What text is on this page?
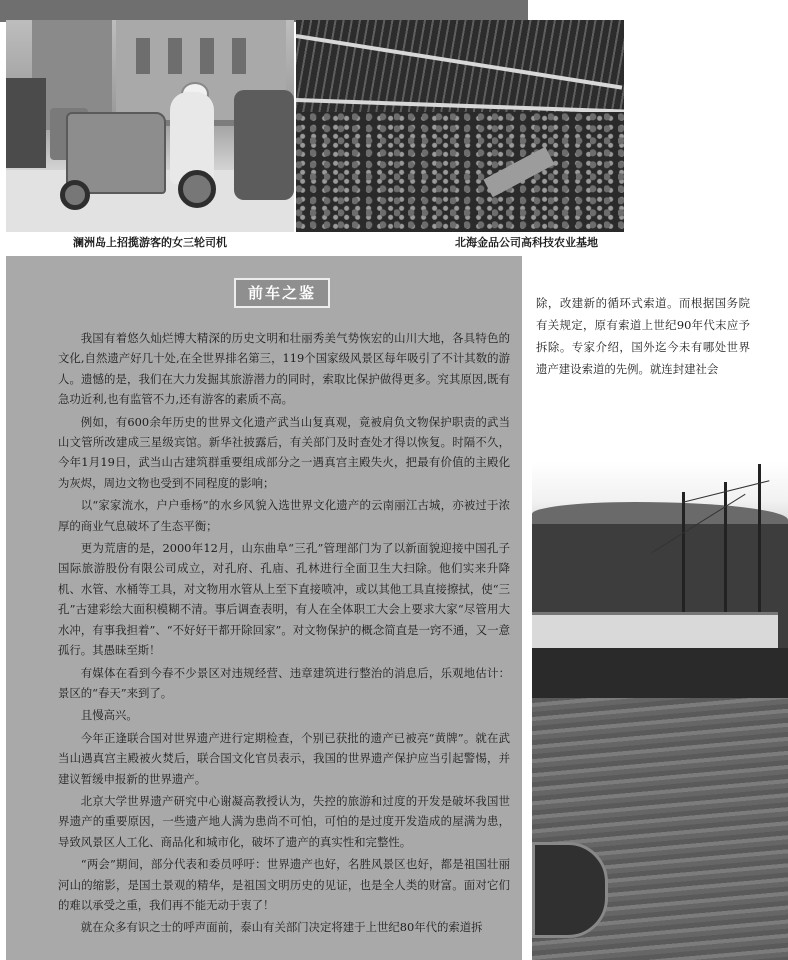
澜洲岛上招揽游客的女三轮司机	北海金品公司高科技农业基地
前车之鉴

我国有着悠久灿烂博大精深的历史文明和壮丽秀美气势恢宏的山川大地，各具特色的文化,自然遗产好几十处,在全世界排名第三，119个国家级风景区每年吸引了不计其数的游人。遗憾的是，我们在大力发掘其旅游潜力的同时，索取比保护做得更多。究其原因,既有急功近利,也有监管不力,还有游客的素质不高。

例如，有600余年历史的世界文化遗产武当山复真观，竟被肩负文物保护职责的武当山文管所改建成三星级宾馆。新华社披露后，有关部门及时查处才得以恢复。时隔不久，今年1月19日，武当山古建筑群重要组成部分之一遇真宫主殿失火，把最有价值的主殿化为灰烬，周边文物也受到不同程度的影响；

以“家家流水，户户垂杨”的水乡风貌入选世界文化遗产的云南丽江古城，亦被过于浓厚的商业气息破坏了生态平衡；

更为荒唐的是，2000年12月，山东曲阜“三孔”管理部门为了以新面貌迎接中国孔子国际旅游股份有限公司成立，对孔府、孔庙、孔林进行全面卫生大扫除。他们实来升降机、水管、水桶等工具，对文物用水管从上至下直接喷冲，或以其他工具直接擦拭，使“三孔”古建彩绘大面积模糊不清。事后调查表明，有人在全体职工大会上要求大家“尽管用大水冲，有事我担着”、“不好好干都开除回家”。对文物保护的概念简直是一窍不通，又一意孤行。其愚昧至斯！

有媒体在看到今春不少景区对违规经营、违章建筑进行整治的消息后，乐观地估计：景区的“春天”来到了。

且慢高兴。

今年正逢联合国对世界遗产进行定期检查，个别已获批的遗产已被亮“黄牌”。就在武当山遇真宫主殿被火焚后，联合国文化官员表示，我国的世界遗产保护应当引起警惕，并建议暂缓申报新的世界遗产。

北京大学世界遗产研究中心谢凝高教授认为，失控的旅游和过度的开发是破坏我国世界遗产的重要原因，一些遗产地人满为患尚不可怕，可怕的是过度开发造成的屋满为患，导致风景区人工化、商品化和城市化，破坏了遗产的真实性和完整性。

“两会”期间，部分代表和委员呼吁：世界遗产也好，名胜风景区也好，都是祖国壮丽河山的缩影，是国土景观的精华，是祖国文明历史的见证，也是全人类的财富。面对它们的难以承受之重，我们再不能无动于衷了！

就在众多有识之士的呼声面前，泰山有关部门决定将建于上世纪80年代的索道拆

除，改建新的循环式索道。而根据国务院有关规定，原有索道上世纪90年代末应予拆除。专家介绍，国外迄今未有哪处世界遗产建设索道的先例。就连封建社会
